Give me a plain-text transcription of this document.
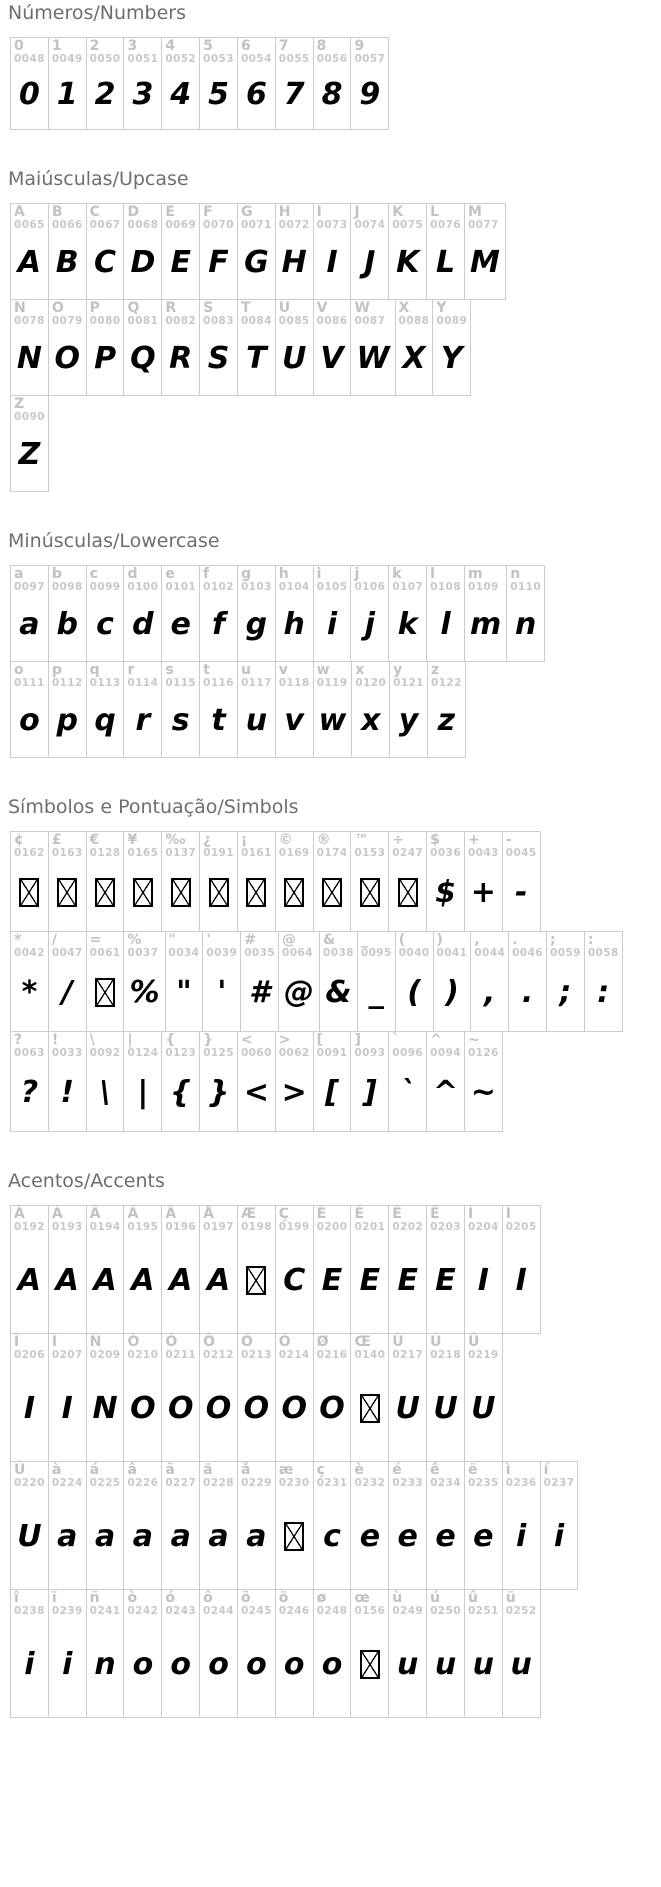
Números/Numbers
0
0048
0
1
0049
1
2
0050
2
3
0051
3
4
0052
4
5
0053
5
6
0054
6
7
0055
7
8
0056
8
9
0057
9
Maiúsculas/Upcase
A
0065
A
B
0066
B
C
0067
C
D
0068
D
E
0069
E
F
0070
F
G
0071
G
H
0072
H
I
0073
I
J
0074
J
K
0075
K
L
0076
L
M
0077
M
N
0078
N
O
0079
O
P
0080
P
Q
0081
Q
R
0082
R
S
0083
S
T
0084
T
U
0085
U
V
0086
V
W
0087
W
X
0088
X
Y
0089
Y
Z
0090
Z
Minúsculas/Lowercase
a
0097
a
b
0098
b
c
0099
c
d
0100
d
e
0101
e
f
0102
f
g
0103
g
h
0104
h
i
0105
i
j
0106
j
k
0107
k
l
0108
l
m
0109
m
n
0110
n
o
0111
o
p
0112
p
q
0113
q
r
0114
r
s
0115
s
t
0116
t
u
0117
u
v
0118
v
w
0119
w
x
0120
x
y
0121
y
z
0122
z
Símbolos e Pontuação/Simbols
¢
0162
£
0163
€
0128
¥
0165
‰
0137
¿
0191
¡
0161
©
0169
®
0174
™
0153
÷
0247
$
0036
$
+
0043
+
-
0045
-
*
0042
*
/
0047
/
=
0061
%
0037
%
"
0034
"
'
0039
'
#
0035
#
@
0064
@
&
0038
&
_
0095
_
(
0040
(
)
0041
)
,
0044
,
.
0046
.
;
0059
;
:
0058
:
?
0063
?
!
0033
!
\
0092
\
|
0124
|
{
0123
{
}
0125
}
<
0060
<
>
0062
>
[
0091
[
]
0093
]
`
0096
`
^
0094
^
~
0126
~
Acentos/Accents
À
0192
A
Á
0193
A
Â
0194
A
Ã
0195
A
Ä
0196
A
Å
0197
A
Æ
0198
Ç
0199
C
È
0200
E
É
0201
E
Ê
0202
E
Ë
0203
E
Ì
0204
I
Í
0205
I
Î
0206
I
Ï
0207
I
Ñ
0209
N
Ò
0210
O
Ó
0211
O
Ô
0212
O
Õ
0213
O
Ö
0214
O
Ø
0216
O
Œ
0140
Ù
0217
U
Ú
0218
U
Û
0219
U
Ü
0220
U
à
0224
a
á
0225
a
â
0226
a
ã
0227
a
ä
0228
a
å
0229
a
æ
0230
ç
0231
c
è
0232
e
é
0233
e
ê
0234
e
ë
0235
e
ì
0236
i
í
0237
i
î
0238
i
ï
0239
i
ñ
0241
n
ò
0242
o
ó
0243
o
ô
0244
o
õ
0245
o
ö
0246
o
ø
0248
o
œ
0156
ù
0249
u
ú
0250
u
û
0251
u
ü
0252
u
